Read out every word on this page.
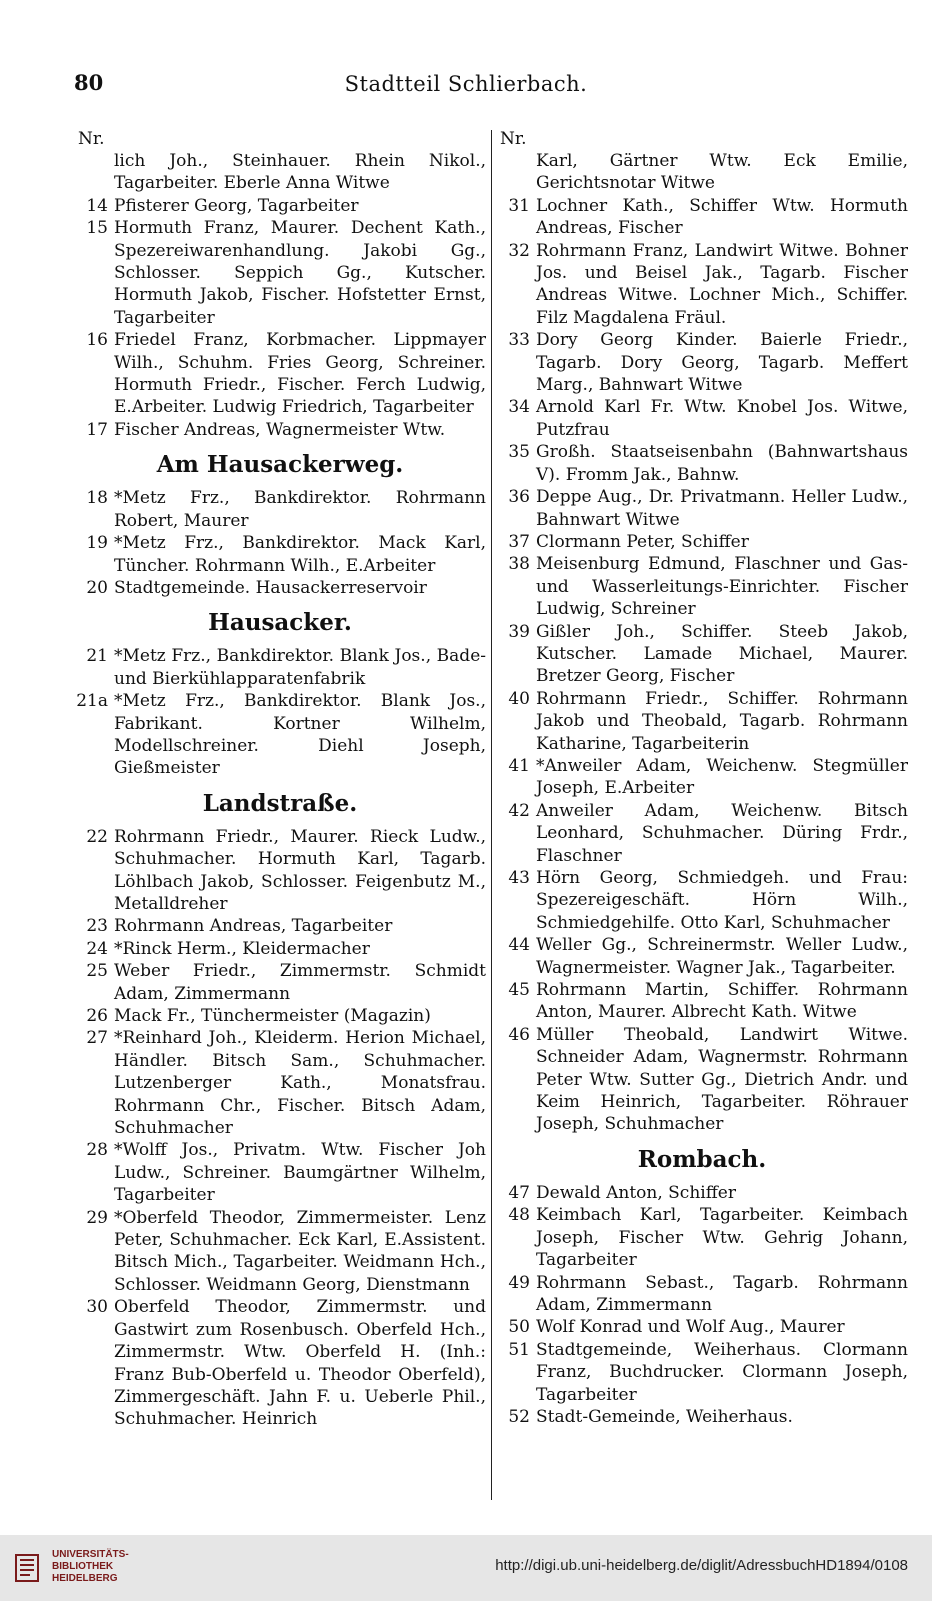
80	Stadtteil Schlierbach.
Nr.
lich Joh., Steinhauer. Rhein Nikol., Tagarbeiter. Eberle Anna Witwe
14 Pfisterer Georg, Tagarbeiter
15 Hormuth Franz, Maurer. Dechent Kath., Spezereiwarenhandlung. Jakobi Gg., Schlosser. Seppich Gg., Kutscher. Hormuth Jakob, Fischer. Hofstetter Ernst, Tagarbeiter
16 Friedel Franz, Korbmacher. Lippmayer Wilh., Schuhm. Fries Georg, Schreiner. Hormuth Friedr., Fischer. Ferch Ludwig, E.Arbeiter. Ludwig Friedrich, Tagarbeiter
17 Fischer Andreas, Wagnermeister Wtw.
Am Hausackerweg.
18 *Metz Frz., Bankdirektor. Rohrmann Robert, Maurer
19 *Metz Frz., Bankdirektor. Mack Karl, Tüncher. Rohrmann Wilh., E.Arbeiter
20 Stadtgemeinde. Hausackerreservoir
Hausacker.
21 *Metz Frz., Bankdirektor. Blank Jos., Bade- und Bierkühlapparatenfabrik
21a *Metz Frz., Bankdirektor. Blank Jos., Fabrikant. Kortner Wilhelm, Modellschreiner. Diehl Joseph, Gießmeister
Landstraße.
22 Rohrmann Friedr., Maurer. Rieck Ludw., Schuhmacher. Hormuth Karl, Tagarb. Löhlbach Jakob, Schlosser. Feigenbutz M., Metalldreher
23 Rohrmann Andreas, Tagarbeiter
24 *Rinck Herm., Kleidermacher
25 Weber Friedr., Zimmermstr. Schmidt Adam, Zimmermann
26 Mack Fr., Tünchermeister (Magazin)
27 *Reinhard Joh., Kleiderm. Herion Michael, Händler. Bitsch Sam., Schuhmacher. Lutzenberger Kath., Monatsfrau. Rohrmann Chr., Fischer. Bitsch Adam, Schuhmacher
28 *Wolff Jos., Privatm. Wtw. Fischer Joh Ludw., Schreiner. Baumgärtner Wilhelm, Tagarbeiter
29 *Oberfeld Theodor, Zimmermeister. Lenz Peter, Schuhmacher. Eck Karl, E.Assistent. Bitsch Mich., Tagarbeiter. Weidmann Hch., Schlosser. Weidmann Georg, Dienstmann
30 Oberfeld Theodor, Zimmermstr. und Gastwirt zum Rosenbusch. Oberfeld Hch., Zimmermstr. Wtw. Oberfeld H. (Inh.: Franz Bub-Oberfeld u. Theodor Oberfeld), Zimmergeschäft. Jahn F. u. Ueberle Phil., Schuhmacher. Heinrich
Nr.
Karl, Gärtner Wtw. Eck Emilie, Gerichtsnotar Witwe
31 Lochner Kath., Schiffer Wtw. Hormuth Andreas, Fischer
32 Rohrmann Franz, Landwirt Witwe. Bohner Jos. und Beisel Jak., Tagarb. Fischer Andreas Witwe. Lochner Mich., Schiffer. Filz Magdalena Fräul.
33 Dory Georg Kinder. Baierle Friedr., Tagarb. Dory Georg, Tagarb. Meffert Marg., Bahnwart Witwe
34 Arnold Karl Fr. Wtw. Knobel Jos. Witwe, Putzfrau
35 Großh. Staatseisenbahn (Bahnwartshaus V). Fromm Jak., Bahnw.
36 Deppe Aug., Dr. Privatmann. Heller Ludw., Bahnwart Witwe
37 Clormann Peter, Schiffer
38 Meisenburg Edmund, Flaschner und Gas- und Wasserleitungs-Einrichter. Fischer Ludwig, Schreiner
39 Gißler Joh., Schiffer. Steeb Jakob, Kutscher. Lamade Michael, Maurer. Bretzer Georg, Fischer
40 Rohrmann Friedr., Schiffer. Rohrmann Jakob und Theobald, Tagarb. Rohrmann Katharine, Tagarbeiterin
41 *Anweiler Adam, Weichenw. Stegmüller Joseph, E.Arbeiter
42 Anweiler Adam, Weichenw. Bitsch Leonhard, Schuhmacher. Düring Frdr., Flaschner
43 Hörn Georg, Schmiedgeh. und Frau: Spezereigeschäft. Hörn Wilh., Schmiedgehilfe. Otto Karl, Schuhmacher
44 Weller Gg., Schreinermstr. Weller Ludw., Wagnermeister. Wagner Jak., Tagarbeiter.
45 Rohrmann Martin, Schiffer. Rohrmann Anton, Maurer. Albrecht Kath. Witwe
46 Müller Theobald, Landwirt Witwe. Schneider Adam, Wagnermstr. Rohrmann Peter Wtw. Sutter Gg., Dietrich Andr. und Keim Heinrich, Tagarbeiter. Röhrauer Joseph, Schuhmacher
Rombach.
47 Dewald Anton, Schiffer
48 Keimbach Karl, Tagarbeiter. Keimbach Joseph, Fischer Wtw. Gehrig Johann, Tagarbeiter
49 Rohrmann Sebast., Tagarb. Rohrmann Adam, Zimmermann
50 Wolf Konrad und Wolf Aug., Maurer
51 Stadtgemeinde, Weiherhaus. Clormann Franz, Buchdrucker. Clormann Joseph, Tagarbeiter
52 Stadt-Gemeinde, Weiherhaus.
UNIVERSITÄTS-
BIBLIOTHEK
HEIDELBERG
http://digi.ub.uni-heidelberg.de/diglit/AdressbuchHD1894/0108
